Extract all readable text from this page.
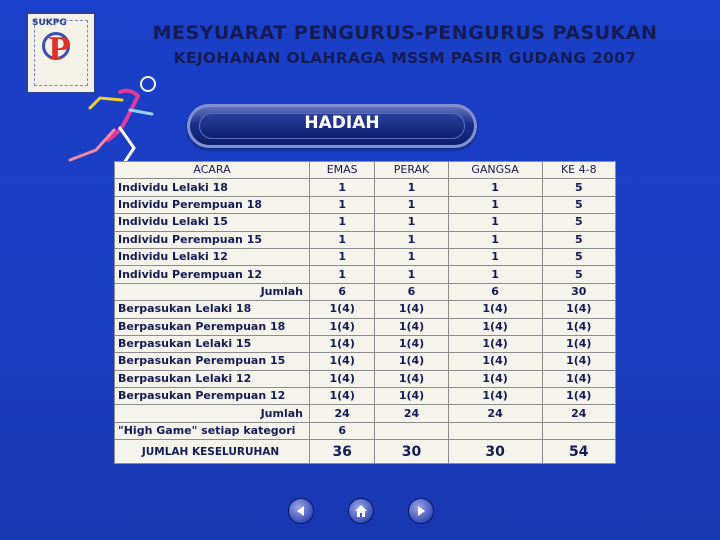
SUKPG
P	MESYUARAT PENGURUS-PENGURUS PASUKAN
KEJOHANAN OLAHRAGA MSSM PASIR GUDANG 2007
HADIAH
ACARA	EMAS	PERAK	GANGSA	KE 4-8
Individu Lelaki 18	1	1	1	5
Individu Perempuan 18	1	1	1	5
Individu Lelaki 15	1	1	1	5
Individu Perempuan 15	1	1	1	5
Individu Lelaki 12	1	1	1	5
Individu Perempuan 12	1	1	1	5
Jumlah	6	6	6	30
Berpasukan Lelaki 18	1(4)	1(4)	1(4)	1(4)
Berpasukan Perempuan 18	1(4)	1(4)	1(4)	1(4)
Berpasukan Lelaki 15	1(4)	1(4)	1(4)	1(4)
Berpasukan Perempuan 15	1(4)	1(4)	1(4)	1(4)
Berpasukan Lelaki 12	1(4)	1(4)	1(4)	1(4)
Berpasukan Perempuan 12	1(4)	1(4)	1(4)	1(4)
Jumlah	24	24	24	24
"High Game" setiap kategori	6			
JUMLAH KESELURUHAN	36	30	30	54
